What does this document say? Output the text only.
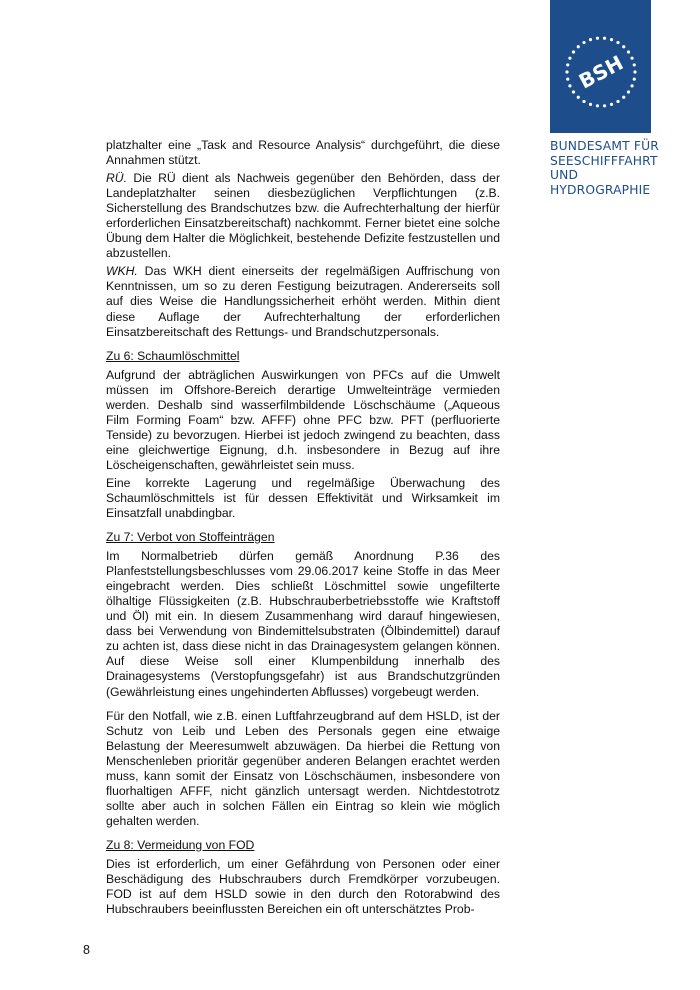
BSH
BUNDESAMT FÜR
SEESCHIFFFAHRT
UND
HYDROGRAPHIE

platzhalter eine „Task and Resource Analysis“ durchgeführt, die diese Annahmen stützt.

RÜ. Die RÜ dient als Nachweis gegenüber den Behörden, dass der Landeplatzhalter seinen diesbezüglichen Verpflichtungen (z.B. Sicherstellung des Brandschutzes bzw. die Aufrechterhaltung der hierfür erforderlichen Einsatzbereitschaft) nachkommt. Ferner bietet eine solche Übung dem Halter die Möglichkeit, bestehende Defizite festzustellen und abzustellen.

WKH. Das WKH dient einerseits der regelmäßigen Auffrischung von Kenntnissen, um so zu deren Festigung beizutragen. Andererseits soll auf dies Weise die Handlungssicherheit erhöht werden. Mithin dient diese Auflage der Aufrechterhaltung der erforderlichen Einsatzbereitschaft des Rettungs- und Brandschutzpersonals.

Zu 6: Schaumlöschmittel

Aufgrund der abträglichen Auswirkungen von PFCs auf die Umwelt müssen im Offshore-Bereich derartige Umwelteinträge vermieden werden. Deshalb sind wasserfilmbildende Löschschäume („Aqueous Film Forming Foam“ bzw. AFFF) ohne PFC bzw. PFT (perfluorierte Tenside) zu bevorzugen. Hierbei ist jedoch zwingend zu beachten, dass eine gleichwertige Eignung, d.h. insbesondere in Bezug auf ihre Löscheigenschaften, gewährleistet sein muss.

Eine korrekte Lagerung und regelmäßige Überwachung des Schaumlöschmittels ist für dessen Effektivität und Wirksamkeit im Einsatzfall unabdingbar.

Zu 7: Verbot von Stoffeinträgen

Im Normalbetrieb dürfen gemäß Anordnung P.36 des Planfeststellungsbeschlusses vom 29.06.2017 keine Stoffe in das Meer eingebracht werden. Dies schließt Löschmittel sowie ungefilterte ölhaltige Flüssigkeiten (z.B. Hubschrauberbetriebsstoffe wie Kraftstoff und Öl) mit ein. In diesem Zusammenhang wird darauf hingewiesen, dass bei Verwendung von Bindemittelsubstraten (Ölbindemittel) darauf zu achten ist, dass diese nicht in das Drainagesystem gelangen können. Auf diese Weise soll einer Klumpenbildung innerhalb des Drainagesystems (Verstopfungsgefahr) ist aus Brandschutzgründen (Gewährleistung eines ungehinderten Abflusses) vorgebeugt werden.

Für den Notfall, wie z.B. einen Luftfahrzeugbrand auf dem HSLD, ist der Schutz von Leib und Leben des Personals gegen eine etwaige Belastung der Meeresumwelt abzuwägen. Da hierbei die Rettung von Menschenleben prioritär gegenüber anderen Belangen erachtet werden muss, kann somit der Einsatz von Löschschäumen, insbesondere von fluorhaltigen AFFF, nicht gänzlich untersagt werden. Nichtdestotrotz sollte aber auch in solchen Fällen ein Eintrag so klein wie möglich gehalten werden.

Zu 8: Vermeidung von FOD

Dies ist erforderlich, um einer Gefährdung von Personen oder einer Beschädigung des Hubschraubers durch Fremdkörper vorzubeugen. FOD ist auf dem HSLD sowie in den durch den Rotorabwind des Hubschraubers beeinflussten Bereichen ein oft unterschätztes Prob-

8
